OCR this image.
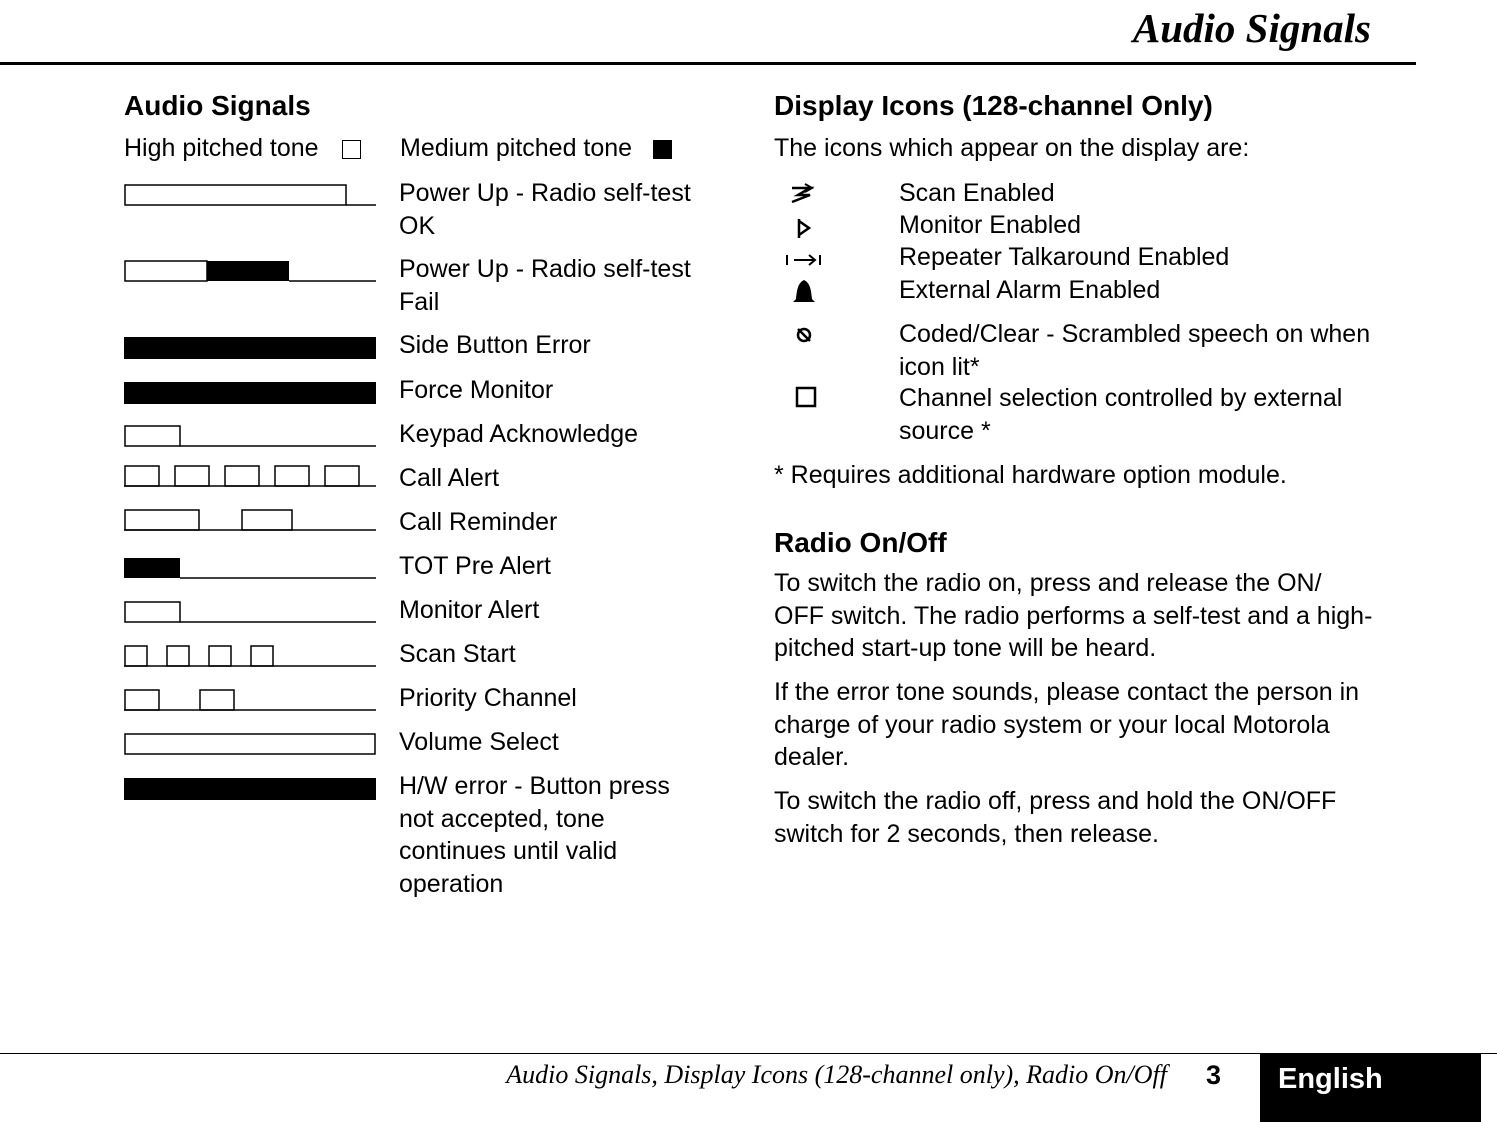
Audio Signals
Audio Signals
High pitched tone	Medium pitched tone
Power Up - Radio self-test OK
Power Up - Radio self-test Fail
Side Button Error
Force Monitor
Keypad Acknowledge
Call Alert
Call Reminder
TOT Pre Alert
Monitor Alert
Scan Start
Priority Channel
Volume Select
H/W error - Button press not accepted, tone continues until valid operation
Display Icons (128-channel Only)
The icons which appear on the display are:
Scan Enabled
Monitor Enabled
Repeater Talkaround Enabled
External Alarm Enabled
Coded/Clear - Scrambled speech on when icon lit*
Channel selection controlled by external source *
* Requires additional hardware option module.
Radio On/Off
To switch the radio on, press and release the ON/ OFF switch. The radio performs a self-test and a high-pitched start-up tone will be heard.
If the error tone sounds, please contact the person in charge of your radio system or your local Motorola dealer.
To switch the radio off, press and hold the ON/OFF switch for 2 seconds, then release.
Audio Signals, Display Icons (128-channel only), Radio On/Off 3 English
